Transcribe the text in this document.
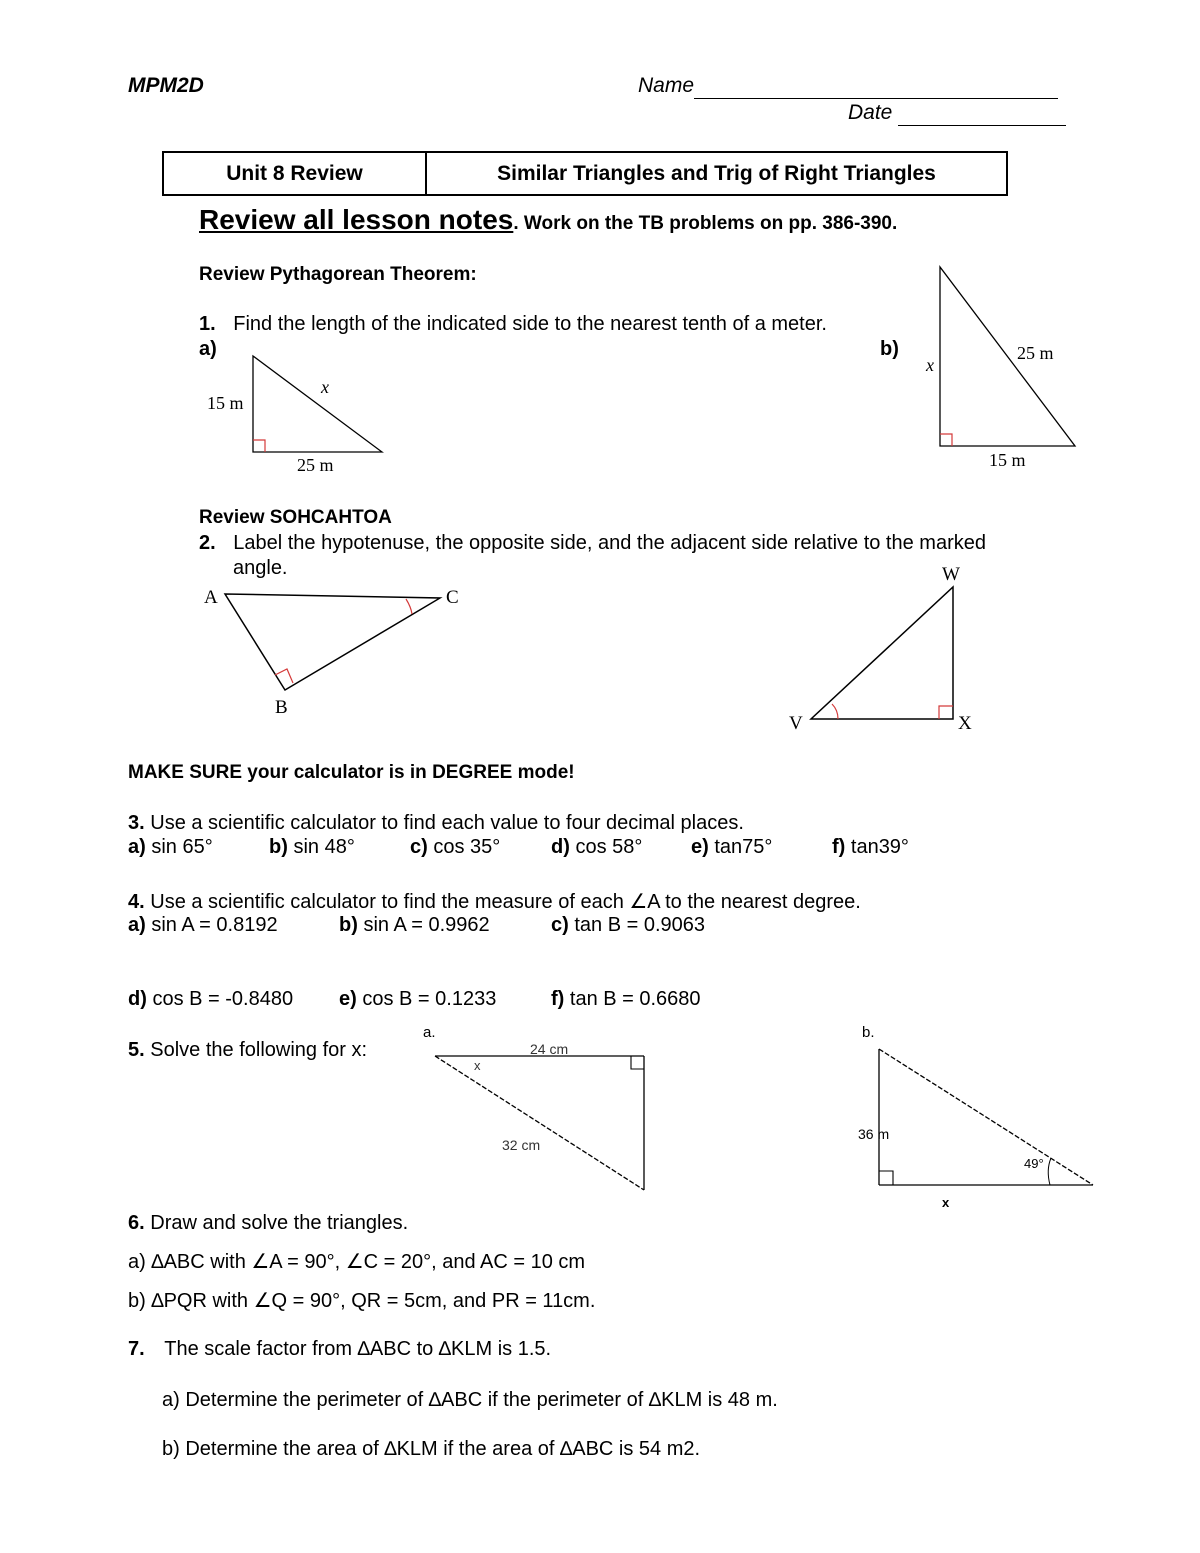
MPM2D	Name
Date
Unit 8 Review	Similar Triangles and Trig of Right Triangles
Review all lesson notes. Work on the TB problems on pp. 386-390.
Review Pythagorean Theorem:
1. Find the length of the indicated side to the nearest tenth of a meter.
a)	b)
Review SOHCAHTOA
2. Label the hypotenuse, the opposite side, and the adjacent side relative to the marked
angle.
MAKE SURE your calculator is in DEGREE mode!
3. Use a scientific calculator to find each value to four decimal places.
a) sin 65°	b) sin 48°	c) cos 35°	d) cos 58° e) tan75°	f) tan39°
4. Use a scientific calculator to find the measure of each ∠A to the nearest degree.
a) sin A = 0.8192	b) sin A = 0.9962	c) tan B = 0.9063
d) cos B = -0.8480 e) cos B = 0.1233	f) tan B = 0.6680
5. Solve the following for x:
6. Draw and solve the triangles.
a) ∆ABC with ∠A = 90°, ∠C = 20°, and AC = 10 cm
b) ∆PQR with ∠Q = 90°, QR = 5cm, and PR = 11cm.
7. The scale factor from ∆ABC to ∆KLM is 1.5.
a) Determine the perimeter of ∆ABC if the perimeter of ∆KLM is 48 m.
b) Determine the area of ∆KLM if the area of ∆ABC is 54 m2.
15 m
x
25 m
x
25 m
15 m
A	C
B
W
V	X
a.
24 cm
x
32 cm
b.
36 m
49°
x
